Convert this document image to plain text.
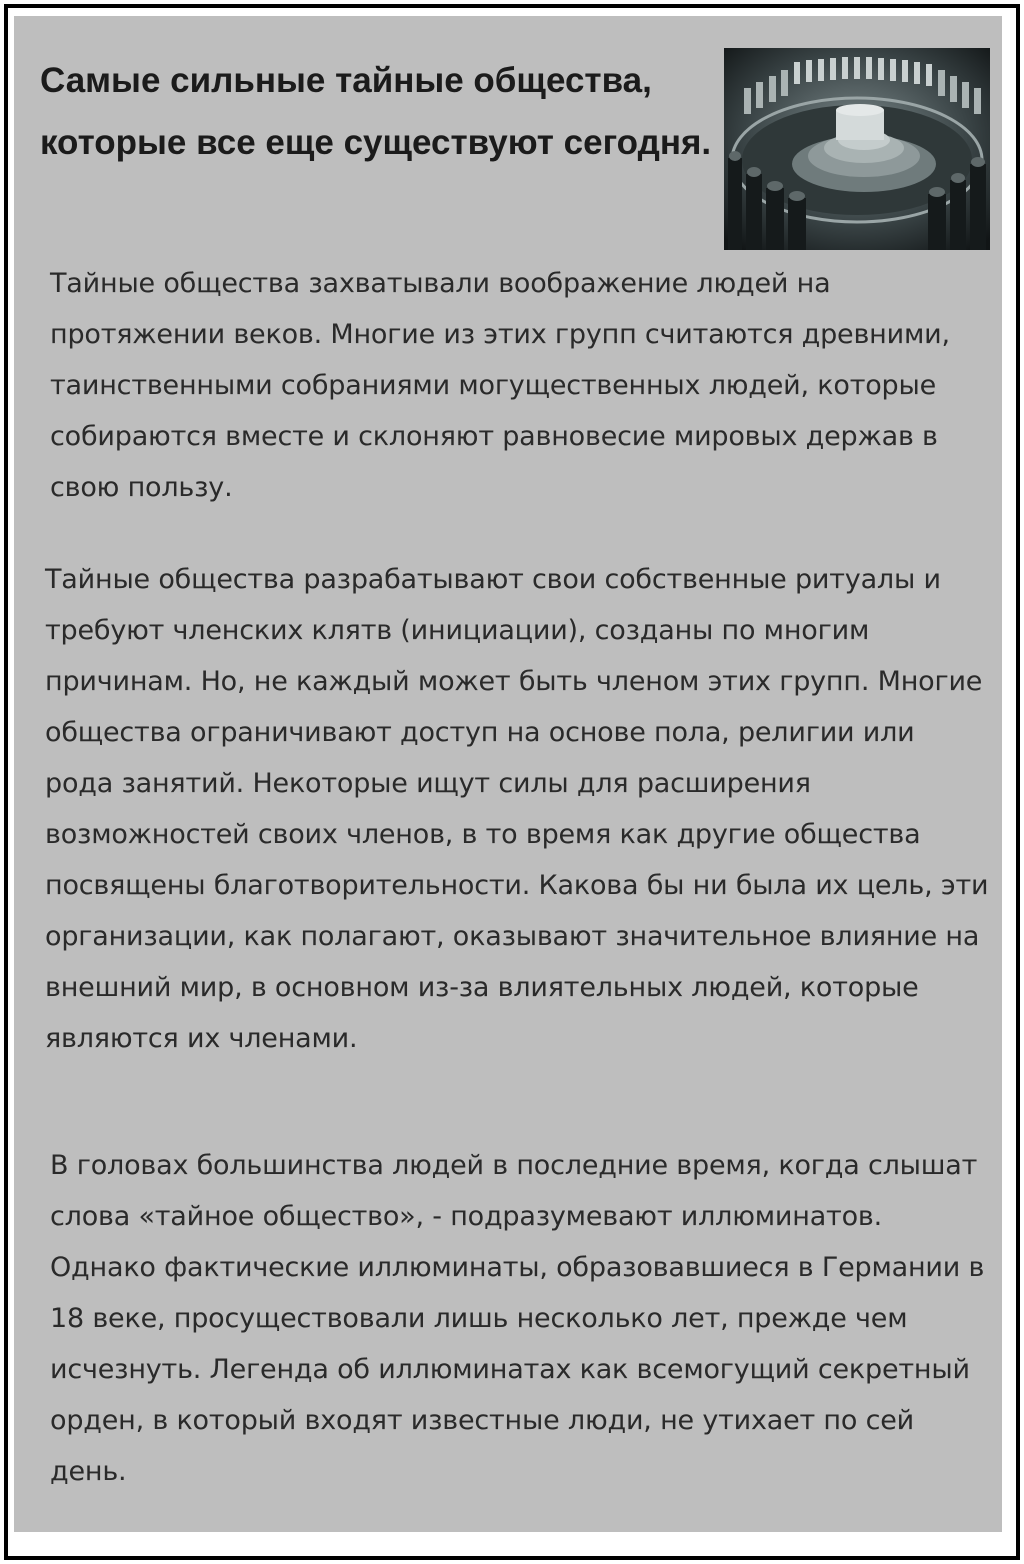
Самые сильные тайные общества, которые все еще существуют сегодня.

Тайные общества захватывали воображение людей на протяжении веков. Многие из этих групп считаются древними, таинственными собраниями могущественных людей, которые собираются вместе и склоняют равновесие мировых держав в свою пользу.

Тайные общества разрабатывают свои собственные ритуалы и требуют членских клятв (инициации), созданы по многим причинам. Но, не каждый может быть членом этих групп. Многие общества ограничивают доступ на основе пола, религии или рода занятий. Некоторые ищут силы для расширения возможностей своих членов, в то время как другие общества посвящены благотворительности. Какова бы ни была их цель, эти организации, как полагают, оказывают значительное влияние на внешний мир, в основном из-за влиятельных людей, которые являются их членами.

В головах большинства людей в последние время, когда слышат слова «тайное общество», - подразумевают иллюминатов. Однако фактические иллюминаты, образовавшиеся в Германии в 18 веке, просуществовали лишь несколько лет, прежде чем исчезнуть. Легенда об иллюминатах как всемогущий секретный орден, в который входят известные люди, не утихает по сей день.
